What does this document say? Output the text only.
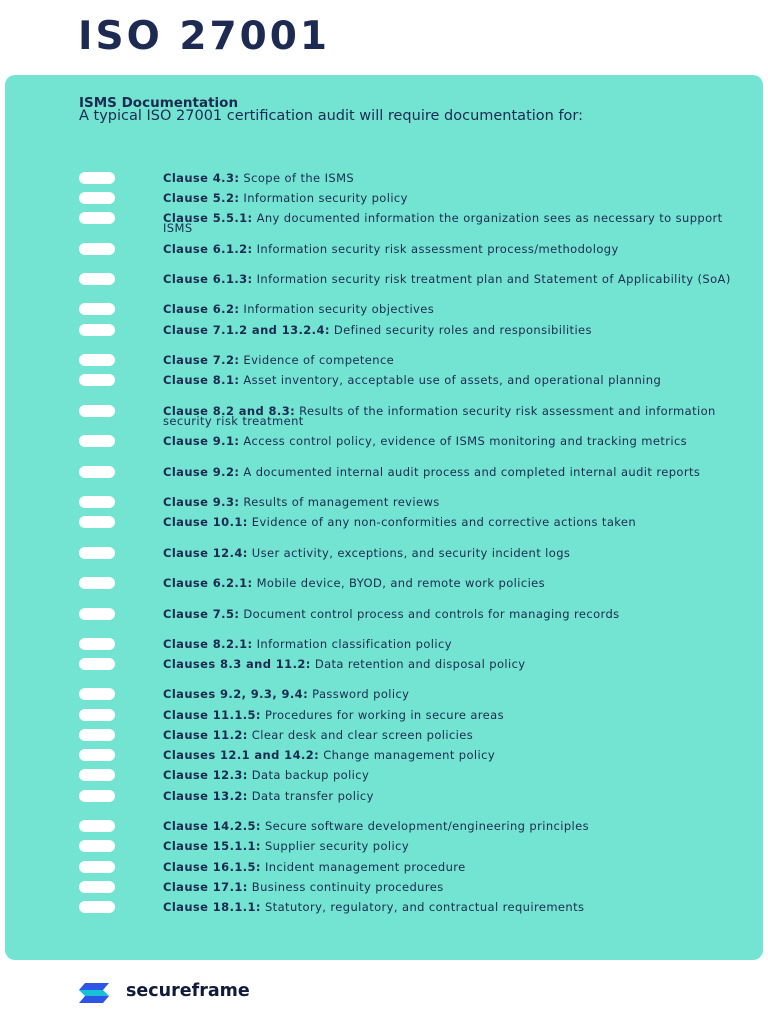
ISO 27001
ISMS Documentation
A typical ISO 27001 certification audit will require documentation for:
Clause 4.3: Scope of the ISMS
Clause 5.2: Information security policy
Clause 5.5.1: Any documented information the organization sees as necessary to support ISMS
Clause 6.1.2: Information security risk assessment process/methodology
Clause 6.1.3: Information security risk treatment plan and Statement of Applicability (SoA)
Clause 6.2: Information security objectives
Clause 7.1.2 and 13.2.4: Defined security roles and responsibilities
Clause 7.2: Evidence of competence
Clause 8.1: Asset inventory, acceptable use of assets, and operational planning
Clause 8.2 and 8.3: Results of the information security risk assessment and information security risk treatment
Clause 9.1: Access control policy, evidence of ISMS monitoring and tracking metrics
Clause 9.2: A documented internal audit process and completed internal audit reports
Clause 9.3: Results of management reviews
Clause 10.1: Evidence of any non-conformities and corrective actions taken
Clause 12.4: User activity, exceptions, and security incident logs
Clause 6.2.1: Mobile device, BYOD, and remote work policies
Clause 7.5: Document control process and controls for managing records
Clause 8.2.1: Information classification policy
Clauses 8.3 and 11.2: Data retention and disposal policy
Clauses 9.2, 9.3, 9.4: Password policy
Clause 11.1.5: Procedures for working in secure areas
Clause 11.2: Clear desk and clear screen policies
Clauses 12.1 and 14.2: Change management policy
Clause 12.3: Data backup policy
Clause 13.2: Data transfer policy
Clause 14.2.5: Secure software development/engineering principles
Clause 15.1.1: Supplier security policy
Clause 16.1.5: Incident management procedure
Clause 17.1: Business continuity procedures
Clause 18.1.1: Statutory, regulatory, and contractual requirements
secureframe
